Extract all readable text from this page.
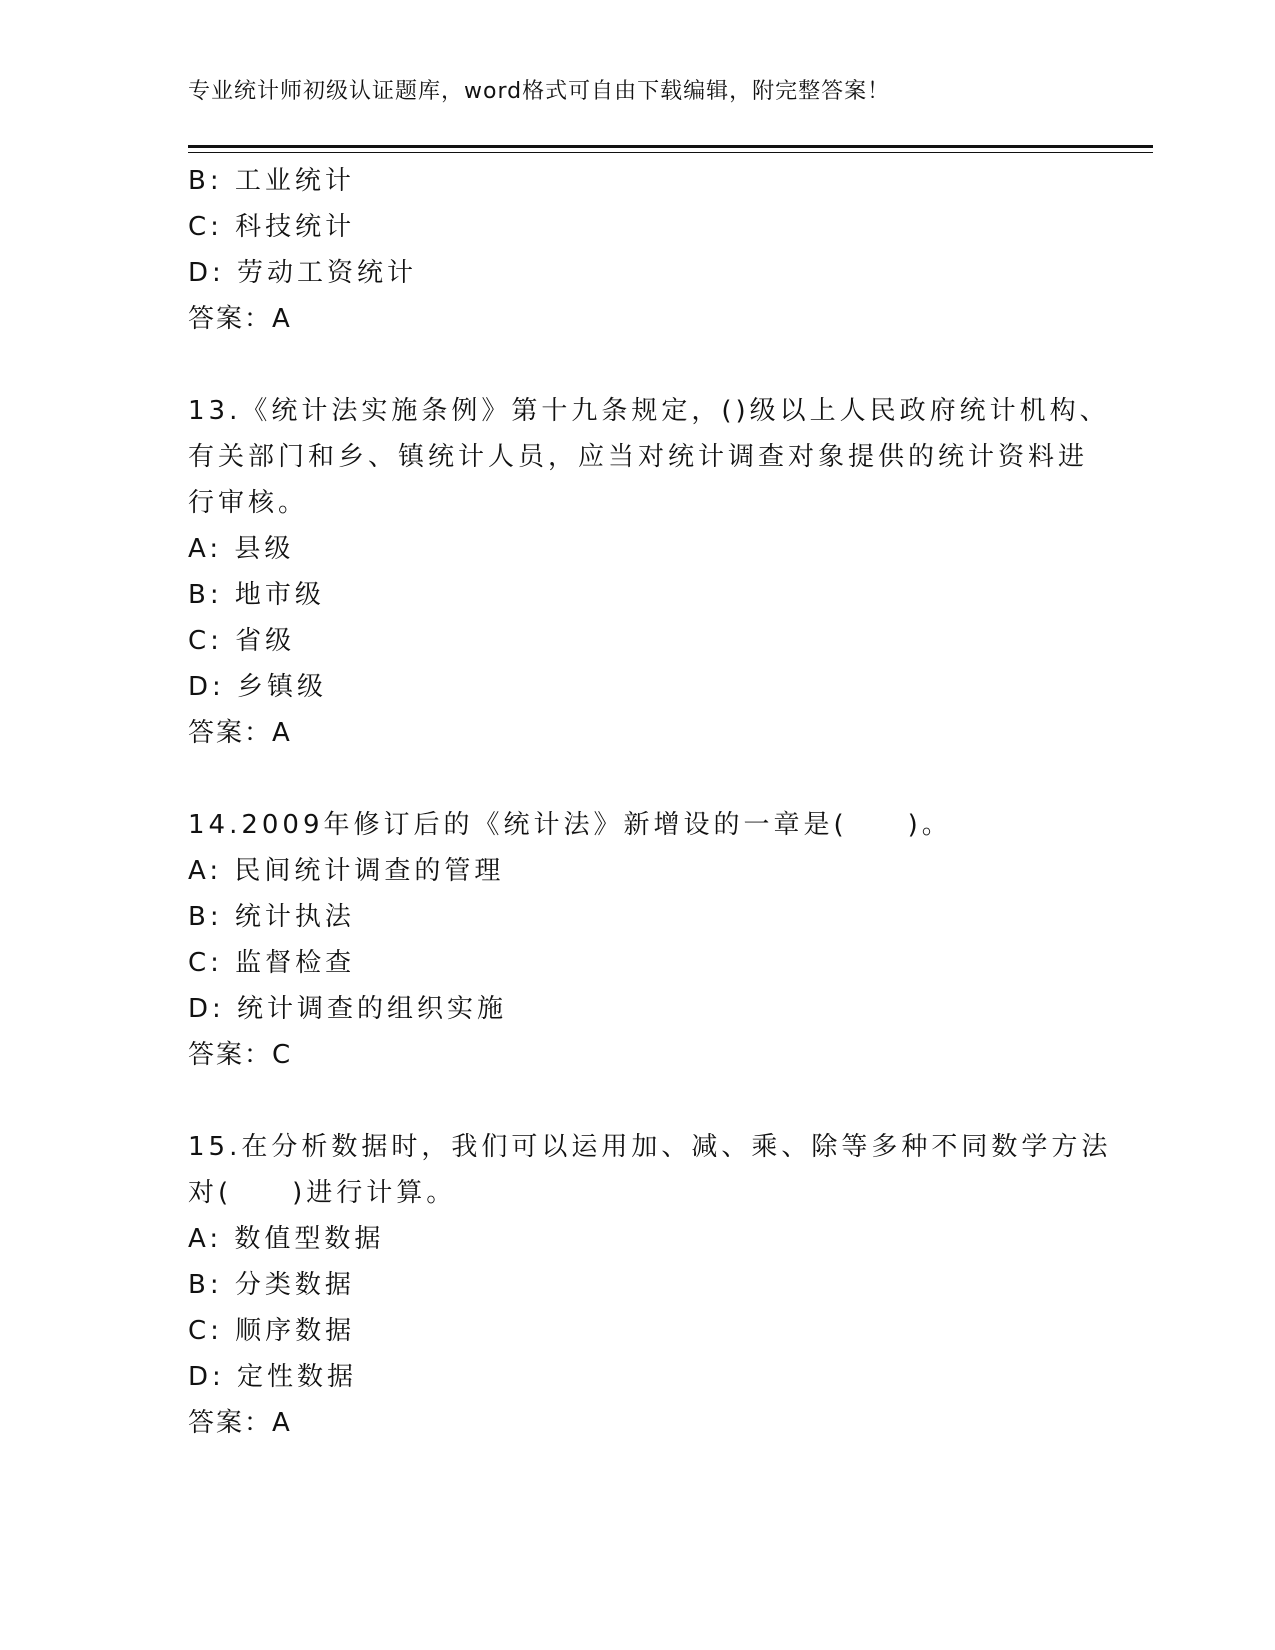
专业统计师初级认证题库，word格式可自由下载编辑，附完整答案！
B: 工业统计
C: 科技统计
D: 劳动工资统计
答案：A
13.《统计法实施条例》第十九条规定，()级以上人民政府统计机构、
有关部门和乡、镇统计人员，应当对统计调查对象提供的统计资料进
行审核。
A: 县级
B: 地市级
C: 省级
D: 乡镇级
答案：A
14.2009年修订后的《统计法》新增设的一章是(　　)。
A: 民间统计调查的管理
B: 统计执法
C: 监督检查
D: 统计调查的组织实施
答案：C
15.在分析数据时，我们可以运用加、减、乘、除等多种不同数学方法
对(　　)进行计算。
A: 数值型数据
B: 分类数据
C: 顺序数据
D: 定性数据
答案：A
